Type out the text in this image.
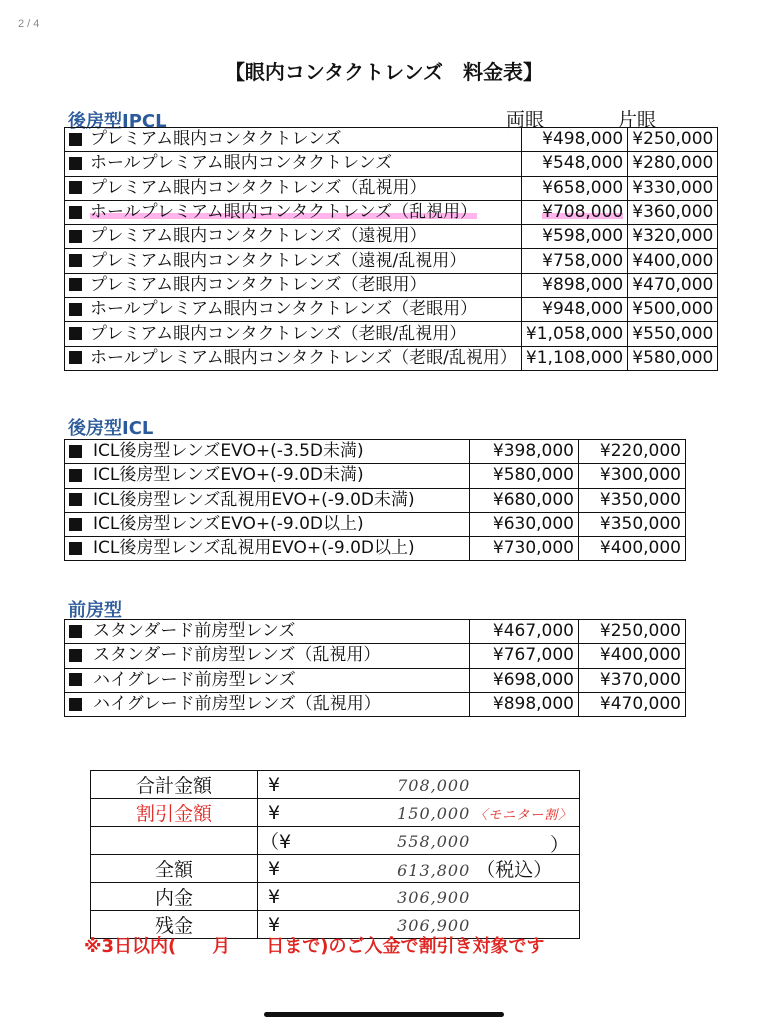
2 / 4
【眼内コンタクトレンズ　料金表】
両眼	片眼
後房型IPCL
	プレミアム眼内コンタクトレンズ	¥498,000	¥250,000
	ホールプレミアム眼内コンタクトレンズ	¥548,000	¥280,000
	プレミアム眼内コンタクトレンズ（乱視用）	¥658,000	¥330,000
	ホールプレミアム眼内コンタクトレンズ（乱視用）	¥708,000	¥360,000
	プレミアム眼内コンタクトレンズ（遠視用）	¥598,000	¥320,000
	プレミアム眼内コンタクトレンズ（遠視/乱視用）	¥758,000	¥400,000
	プレミアム眼内コンタクトレンズ（老眼用）	¥898,000	¥470,000
	ホールプレミアム眼内コンタクトレンズ（老眼用）	¥948,000	¥500,000
	プレミアム眼内コンタクトレンズ（老眼/乱視用）	¥1,058,000	¥550,000
	ホールプレミアム眼内コンタクトレンズ（老眼/乱視用）	¥1,108,000	¥580,000
後房型ICL
	ICL後房型レンズEVO+(-3.5D未満)	¥398,000	¥220,000
	ICL後房型レンズEVO+(-9.0D未満)	¥580,000	¥300,000
	ICL後房型レンズ乱視用EVO+(-9.0D未満)	¥680,000	¥350,000
	ICL後房型レンズEVO+(-9.0D以上)	¥630,000	¥350,000
	ICL後房型レンズ乱視用EVO+(-9.0D以上)	¥730,000	¥400,000
前房型
	スタンダード前房型レンズ	¥467,000	¥250,000
	スタンダード前房型レンズ（乱視用）	¥767,000	¥400,000
	ハイグレード前房型レンズ	¥698,000	¥370,000
	ハイグレード前房型レンズ（乱視用）	¥898,000	¥470,000
合計金額	¥	708,000
割引金額	¥	150,000 〈モニター割〉
	（¥	558,000 ）

全額	¥	613,800 （税込）
内金	¥	306,900
残金	¥	306,900
※3日以内(　　月　　日まで)のご入金で割引き対象です
